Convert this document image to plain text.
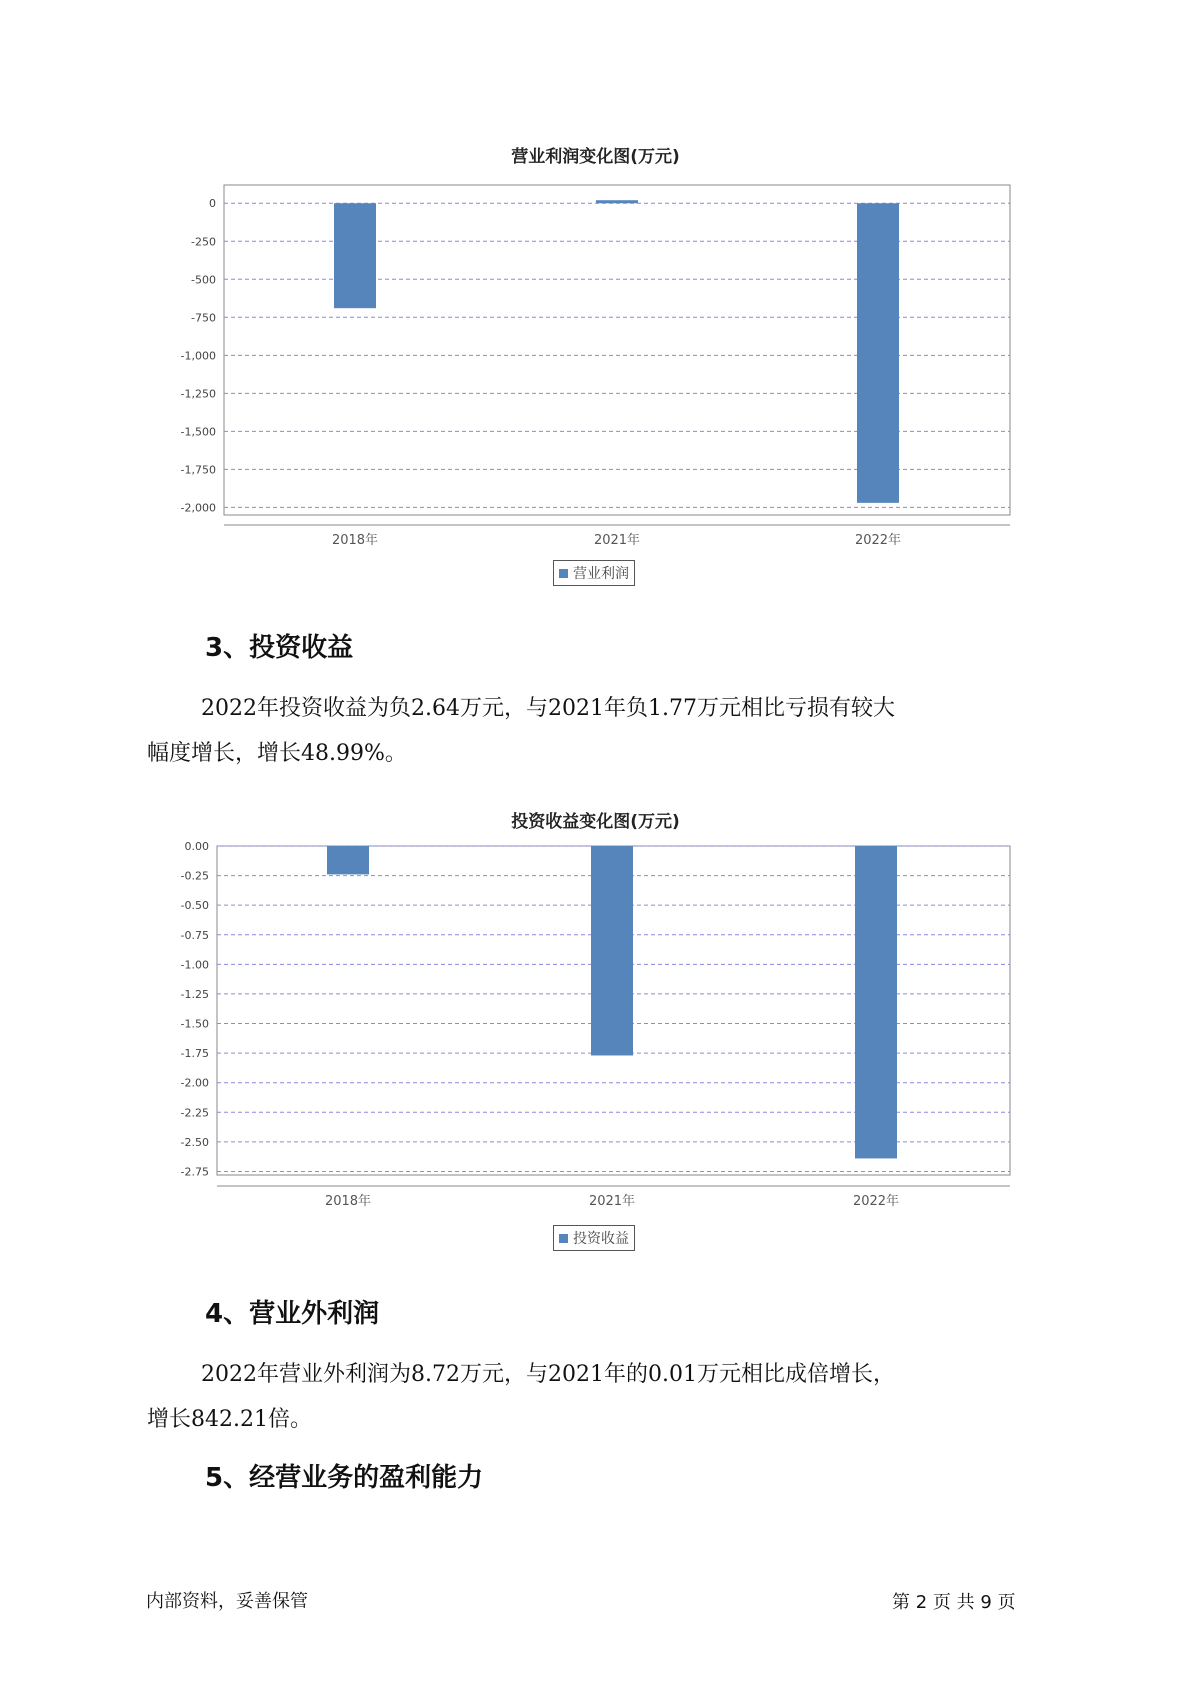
营业利润变化图(万元)
0
-250
-500
-750
-1,000
-1,250
-1,500
-1,750
-2,000
2018年	2021年	2022年
营业利润
3、投资收益
2022年投资收益为负2.64万元，与2021年负1.77万元相比亏损有较大
幅度增长，增长48.99%。
投资收益变化图(万元)
0.00
-0.25
-0.50
-0.75
-1.00
-1.25
-1.50
-1.75
-2.00
-2.25
-2.50
-2.75
2018年	2021年	2022年
投资收益
4、营业外利润
2022年营业外利润为8.72万元，与2021年的0.01万元相比成倍增长，
增长842.21倍。
5、经营业务的盈利能力
内部资料，妥善保管	第 2 页 共 9 页
